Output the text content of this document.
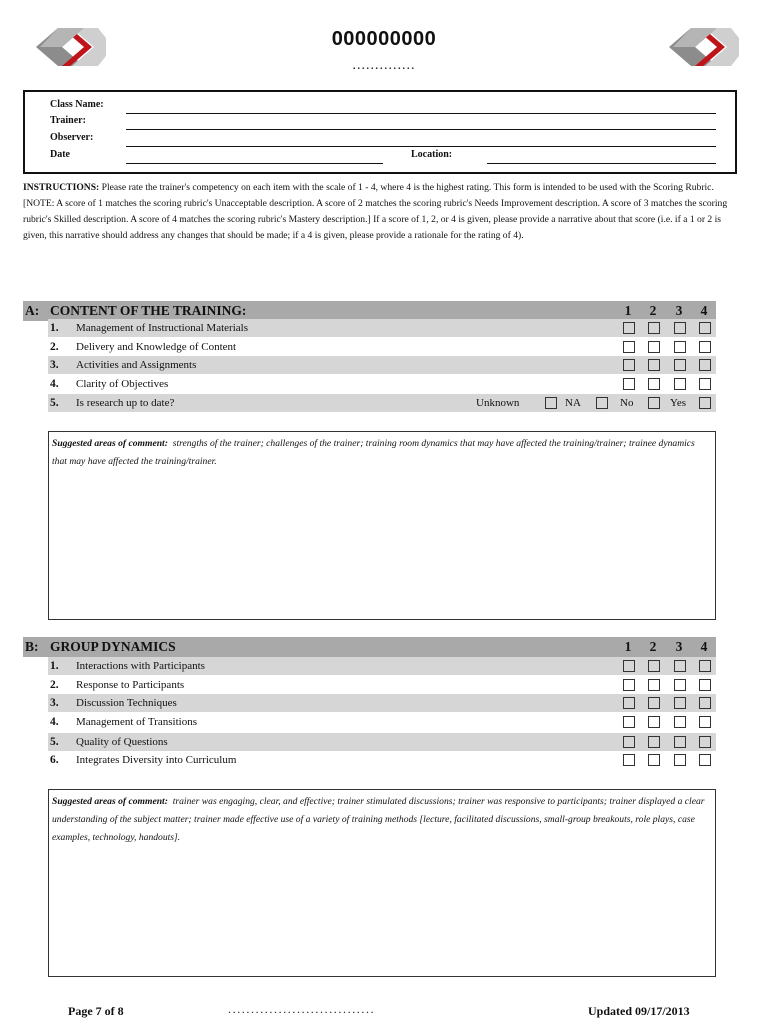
000000000
..............
Class Name:
Trainer:
Observer:
Date	Location:
INSTRUCTIONS: Please rate the trainer's competency on each item with the scale of 1 - 4, where 4 is the highest rating. This form is intended to be used with the Scoring Rubric. [NOTE: A score of 1 matches the scoring rubric's Unacceptable description. A score of 2 matches the scoring rubric's Needs Improvement description. A score of 3 matches the scoring rubric's Skilled description. A score of 4 matches the scoring rubric's Mastery description.] If a score of 1, 2, or 4 is given, please provide a narrative about that score (i.e. if a 1 or 2 is given, this narrative should address any changes that should be made; if a 4 is given, please provide a rationale for the rating of 4).
A: CONTENT OF THE TRAINING:	1	2	3	4
1. Management of Instructional Materials
2. Delivery and Knowledge of Content
3. Activities and Assignments
4. Clarity of Objectives
5. Is research up to date?	Unknown	NA	No	Yes
Suggested areas of comment: strengths of the trainer; challenges of the trainer; training room dynamics that may have affected the training/trainer; trainee dynamics that may have affected the training/trainer.
B: GROUP DYNAMICS	1	2	3	4
1. Interactions with Participants
2. Response to Participants
3. Discussion Techniques
4. Management of Transitions
5. Quality of Questions
6. Integrates Diversity into Curriculum
Suggested areas of comment: trainer was engaging, clear, and effective; trainer stimulated discussions; trainer was responsive to participants; trainer displayed a clear understanding of the subject matter; trainer made effective use of a variety of training methods [lecture, facilitated discussions, small-group breakouts, role plays, case examples, technology, handouts].
Page 7 of 8	................................	Updated 09/17/2013
